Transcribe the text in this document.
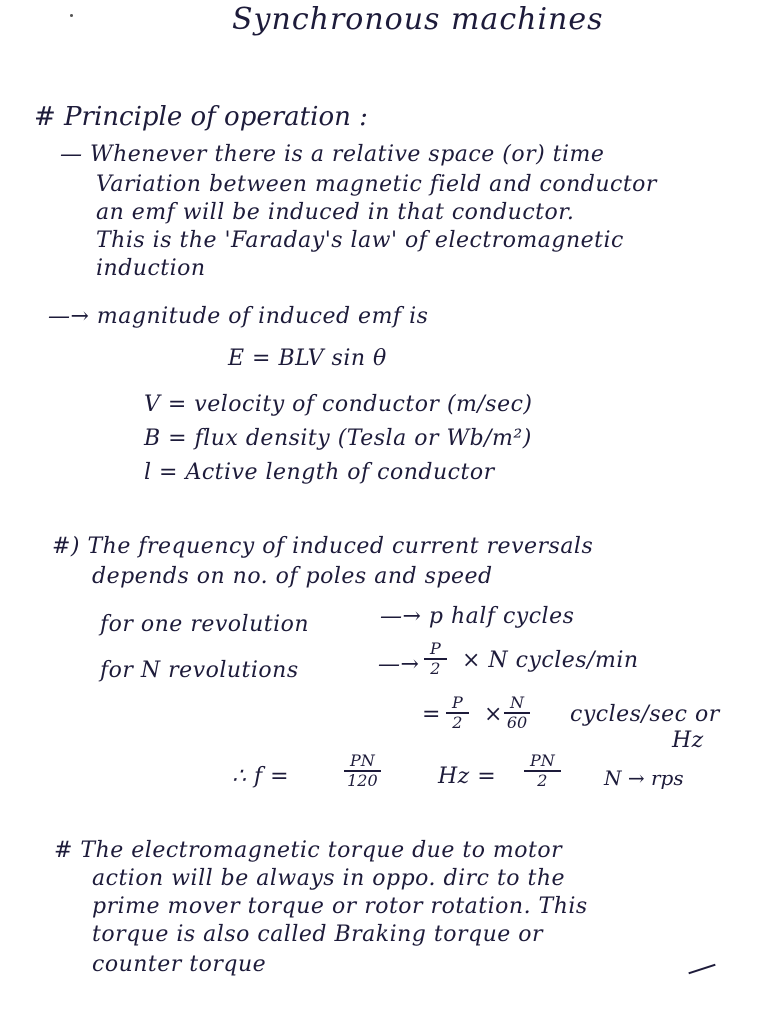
Synchronous machines
# Principle of operation :
— Whenever there is a relative space (or) time
Variation between magnetic field and conductor
an emf will be induced in that conductor.
This is the 'Faraday's law' of electromagnetic
induction
—→ magnitude of induced emf is
E = BLV sin θ
V = velocity of conductor (m/sec)
B = flux density (Tesla or Wb/m²)
l = Active length of conductor
#) The frequency of induced current reversals
depends on no. of poles and speed
for one revolution	—→ p half cycles
for N revolutions	—→ $\frac{P}{2} \times N$ cycles/min
= $\frac{P}{2} \times \frac{N}{60}$ cycles/sec or
Hz
∴ f =	$\frac{PN}{120}$	$Hz = \frac{PN}{2}$ N → rps
# The electromagnetic torque due to motor
action will be always in oppo. dirc to the
prime mover torque or rotor rotation. This
torque is also called Braking torque or
counter torque
